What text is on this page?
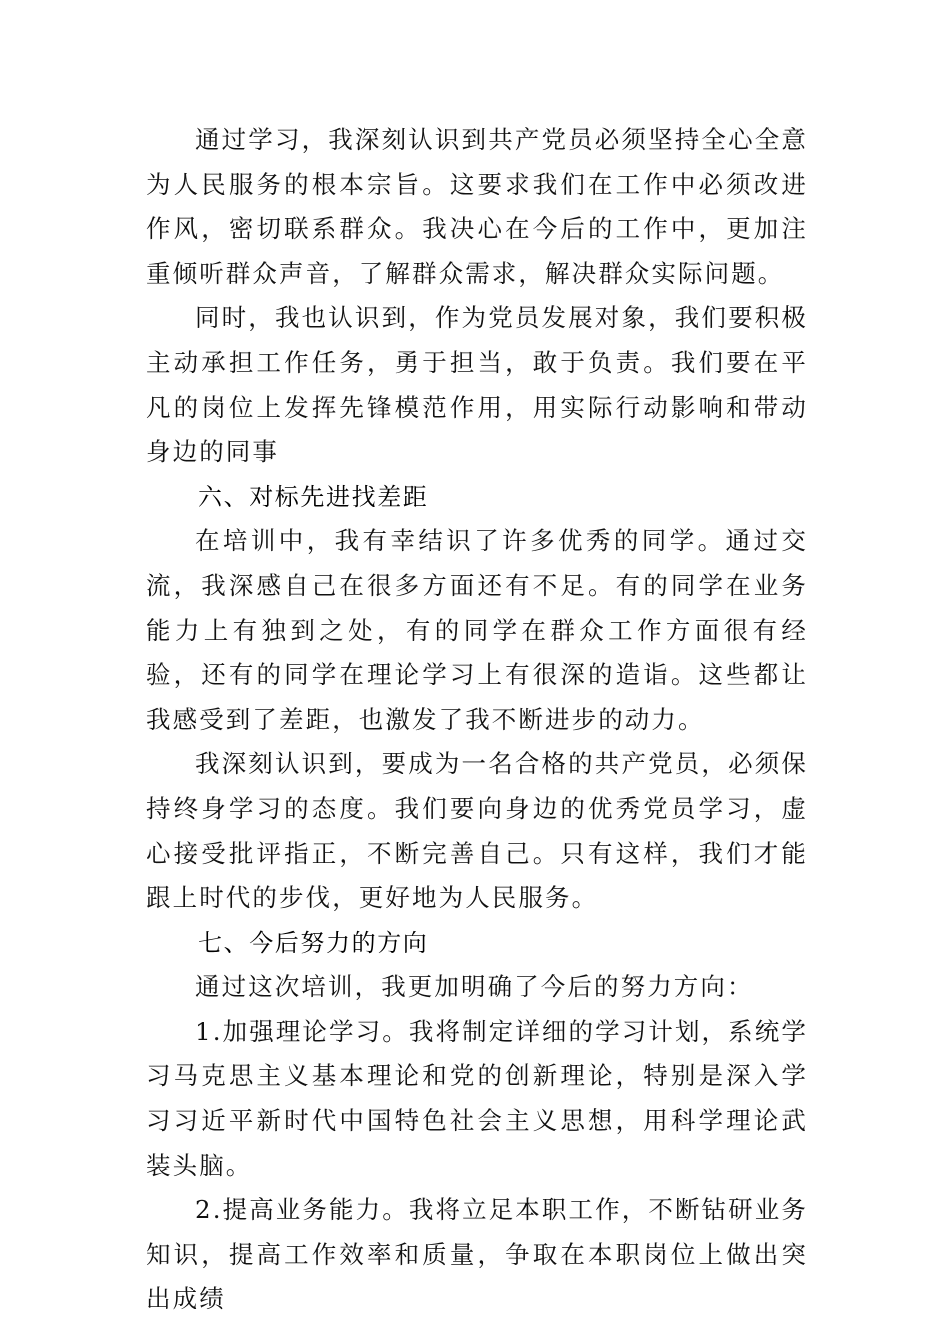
通过学习，我深刻认识到共产党员必须坚持全心全意为人民服务的根本宗旨。这要求我们在工作中必须改进作风，密切联系群众。我决心在今后的工作中，更加注重倾听群众声音，了解群众需求，解决群众实际问题。

同时，我也认识到，作为党员发展对象，我们要积极主动承担工作任务，勇于担当，敢于负责。我们要在平凡的岗位上发挥先锋模范作用，用实际行动影响和带动身边的同事

六、对标先进找差距

在培训中，我有幸结识了许多优秀的同学。通过交流，我深感自己在很多方面还有不足。有的同学在业务能力上有独到之处，有的同学在群众工作方面很有经验，还有的同学在理论学习上有很深的造诣。这些都让我感受到了差距，也激发了我不断进步的动力。

我深刻认识到，要成为一名合格的共产党员，必须保持终身学习的态度。我们要向身边的优秀党员学习，虚心接受批评指正，不断完善自己。只有这样，我们才能跟上时代的步伐，更好地为人民服务。

七、今后努力的方向

通过这次培训，我更加明确了今后的努力方向：

1.加强理论学习。我将制定详细的学习计划，系统学习马克思主义基本理论和党的创新理论，特别是深入学习习近平新时代中国特色社会主义思想，用科学理论武装头脑。

2.提高业务能力。我将立足本职工作，不断钻研业务知识，提高工作效率和质量，争取在本职岗位上做出突出成绩
